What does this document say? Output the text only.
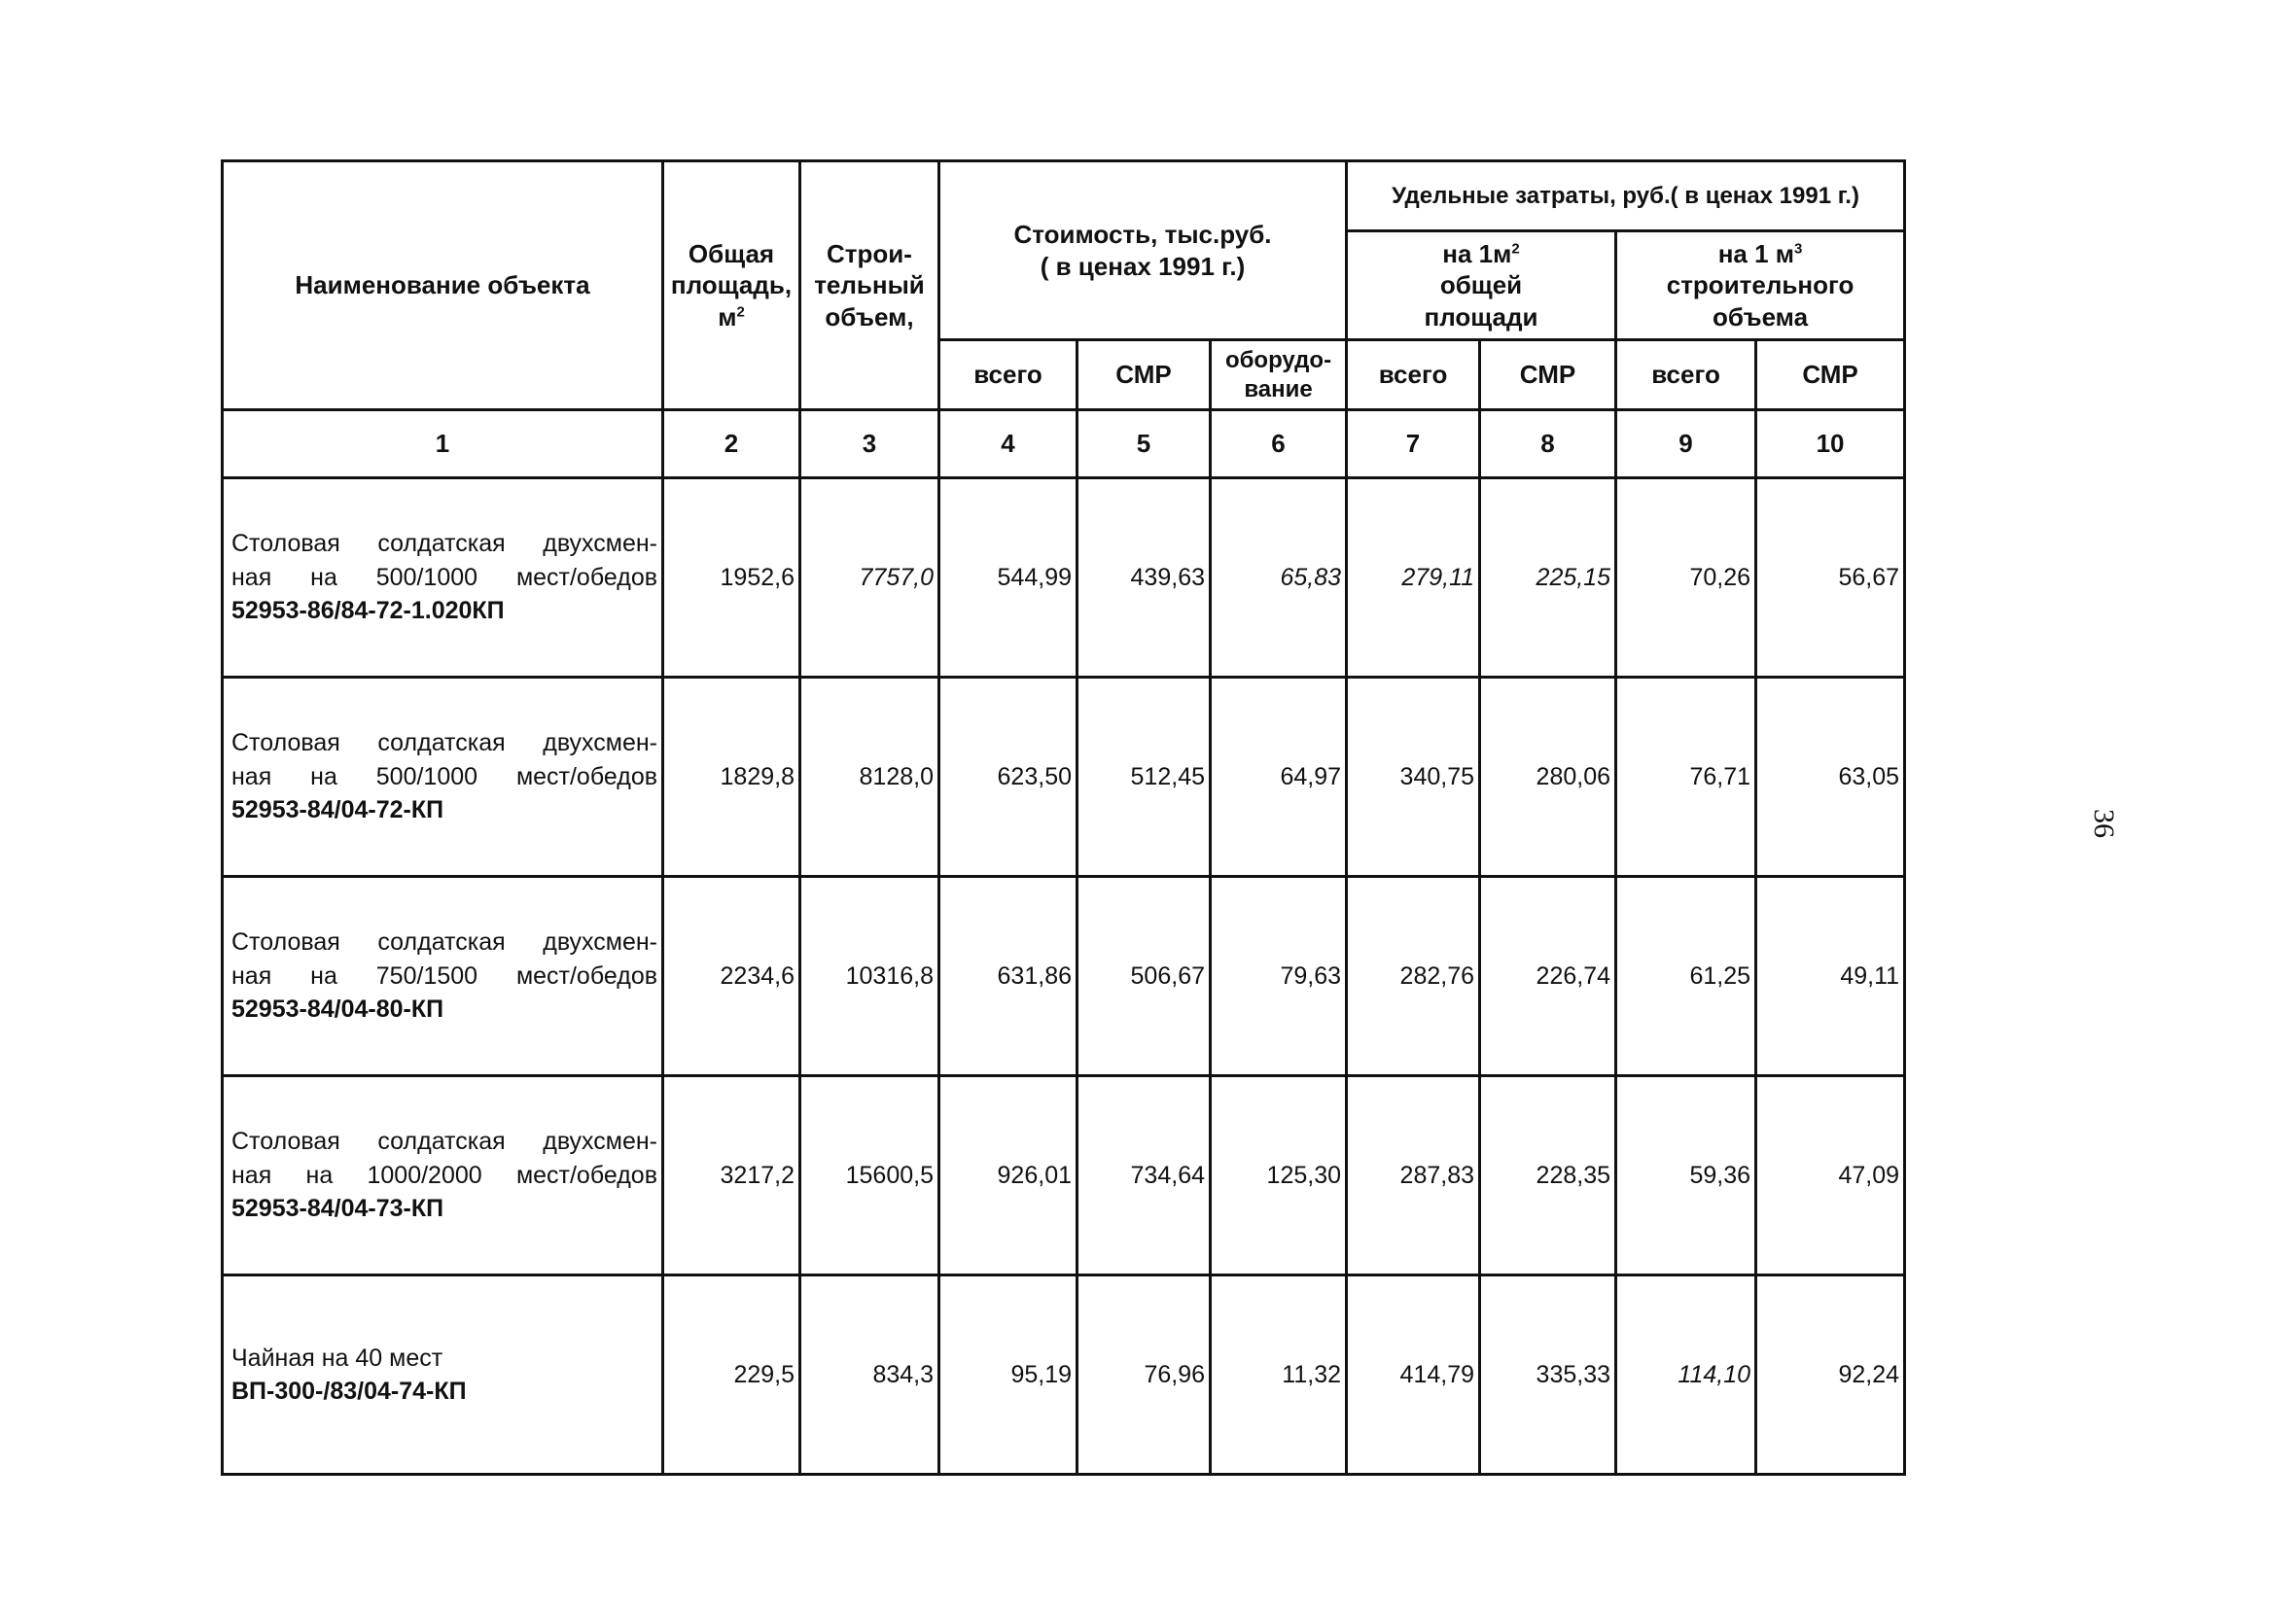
Наименование объекта	Общая
площадь,
$м^2$	Строи-
тельный
объем,	Стоимость, тыс.руб.
( в ценах 1991 г.)			Удельные затраты, руб.( в ценах 1991 г.)			

						на $1м^2$
общей
площади		на 1 $м^3$
строительного
объема	

			всего	СМР	оборудо-
вание	всего	СМР	всего	СМР
1	2	3	4	5	6	7	8	9	10

Столовая солдатская двухсмен-
ная на 500/1000 мест/обедов
52953-86/84-72-1.020КП	1952,6	7757,0	544,99	439,63	65,83	279,11	225,15	70,26	56,67

Столовая солдатская двухсмен-
ная на 500/1000 мест/обедов
52953-84/04-72-КП	1829,8	8128,0	623,50	512,45	64,97	340,75	280,06	76,71	63,05

Столовая солдатская двухсмен-
ная на 750/1500 мест/обедов
52953-84/04-80-КП	2234,6	10316,8	631,86	506,67	79,63	282,76	226,74	61,25	49,11

Столовая солдатская двухсмен-
ная на 1000/2000 мест/обедов
52953-84/04-73-КП	3217,2	15600,5	926,01	734,64	125,30	287,83	228,35	59,36	47,09

Чайная на 40 мест
ВП-300-/83/04-74-КП	229,5	834,3	95,19	76,96	11,32	414,79	335,33	114,10	92,24
36
